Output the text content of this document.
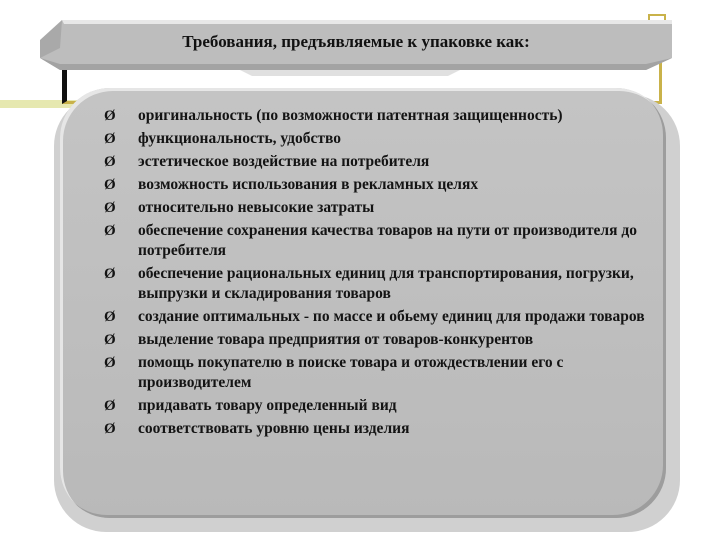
Требования, предъявляемые к упаковке как:
Ø оригинальность (по возможности патентная защищенность)
Ø функциональность, удобство
Ø эстетическое воздействие на потребителя
Ø возможность использования в рекламных целях
Ø относительно невысокие затраты
Ø обеспечение сохранения качества товаров на пути от производителя до потребителя
Ø обеспечение рациональных единиц для транспортирования, погрузки, выпрузки и складирования товаров
Ø создание оптимальных - по массе и обьему единиц для продажи товаров
Ø выделение товара предприятия от товаров-конкурентов
Ø помощь покупателю в поиске товара и отождествлении его с производителем
Ø придавать товару определенный вид
Ø соответствовать уровню цены изделия
